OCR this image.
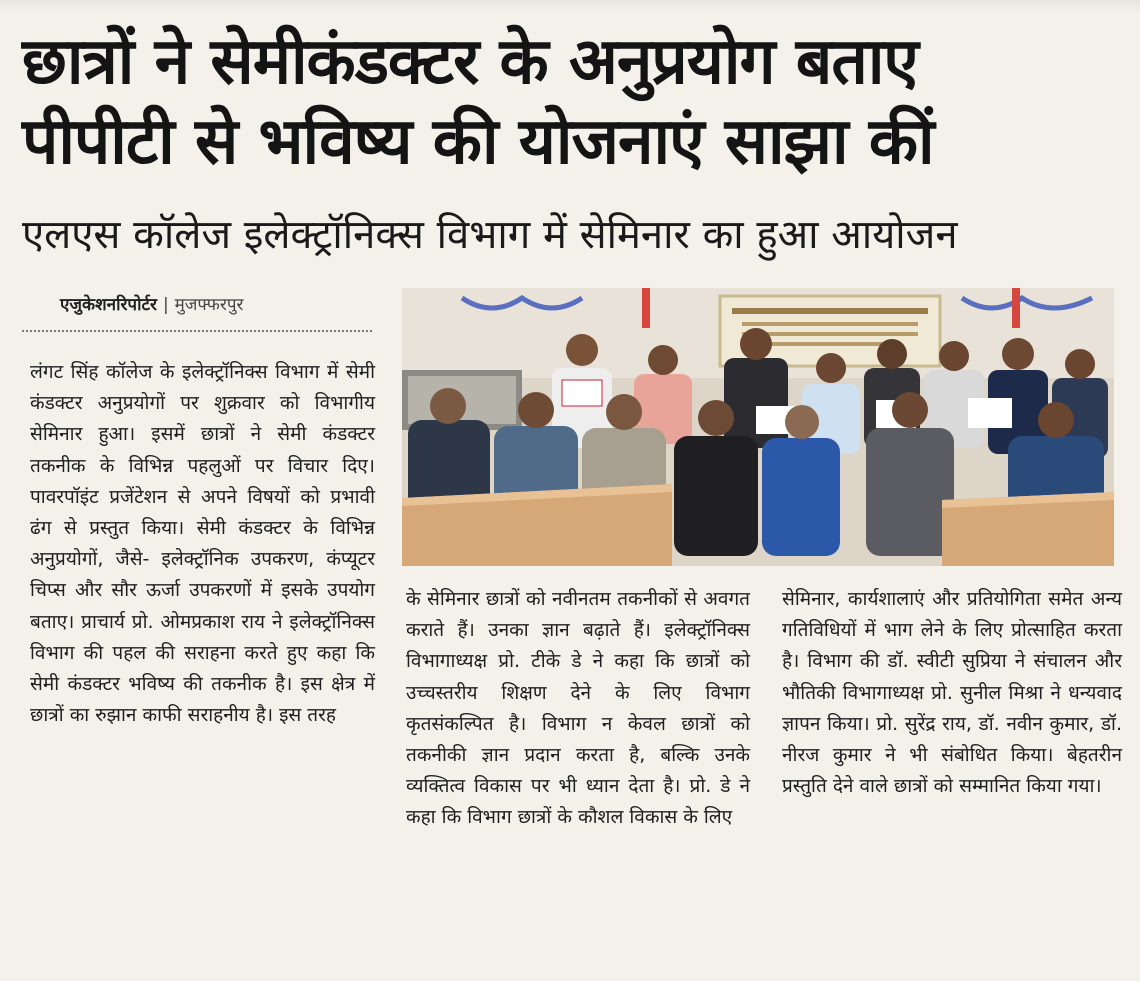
छात्रों ने सेमीकंडक्टर के अनुप्रयोग बताए
पीपीटी से भविष्य की योजनाएं साझा कीं
एलएस कॉलेज इलेक्ट्रॉनिक्स विभाग में सेमिनार का हुआ आयोजन
एजुकेशनरिपोर्टर | मुजफ्फरपुर

लंगट सिंह कॉलेज के इलेक्ट्रॉनिक्स विभाग में सेमी कंडक्टर अनुप्रयोगों पर शुक्रवार को विभागीय सेमिनार हुआ। इसमें छात्रों ने सेमी कंडक्टर तकनीक के विभिन्न पहलुओं पर विचार दिए। पावरपॉइंट प्रजेंटेशन से अपने विषयों को प्रभावी ढंग से प्रस्तुत किया। सेमी कंडक्टर के विभिन्न अनुप्रयोगों, जैसे- इलेक्ट्रॉनिक उपकरण, कंप्यूटर चिप्स और सौर ऊर्जा उपकरणों में इसके उपयोग बताए। प्राचार्य प्रो. ओमप्रकाश राय ने इलेक्ट्रॉनिक्स विभाग की पहल की सराहना करते हुए कहा कि सेमी कंडक्टर भविष्य की तकनीक है। इस क्षेत्र में छात्रों का रुझान काफी सराहनीय है। इस तरह

के सेमिनार छात्रों को नवीनतम तकनीकों से अवगत कराते हैं। उनका ज्ञान बढ़ाते हैं। इलेक्ट्रॉनिक्स विभागाध्यक्ष प्रो. टीके डे ने कहा कि छात्रों को उच्चस्तरीय शिक्षण देने के लिए विभाग कृतसंकल्पित है। विभाग न केवल छात्रों को तकनीकी ज्ञान प्रदान करता है, बल्कि उनके व्यक्तित्व विकास पर भी ध्यान देता है। प्रो. डे ने कहा कि विभाग छात्रों के कौशल विकास के लिए

सेमिनार, कार्यशालाएं और प्रतियोगिता समेत अन्य गतिविधियों में भाग लेने के लिए प्रोत्साहित करता है। विभाग की डॉ. स्वीटी सुप्रिया ने संचालन और भौतिकी विभागाध्यक्ष प्रो. सुनील मिश्रा ने धन्यवाद ज्ञापन किया। प्रो. सुरेंद्र राय, डॉ. नवीन कुमार, डॉ. नीरज कुमार ने भी संबोधित किया। बेहतरीन प्रस्तुति देने वाले छात्रों को सम्मानित किया गया।
